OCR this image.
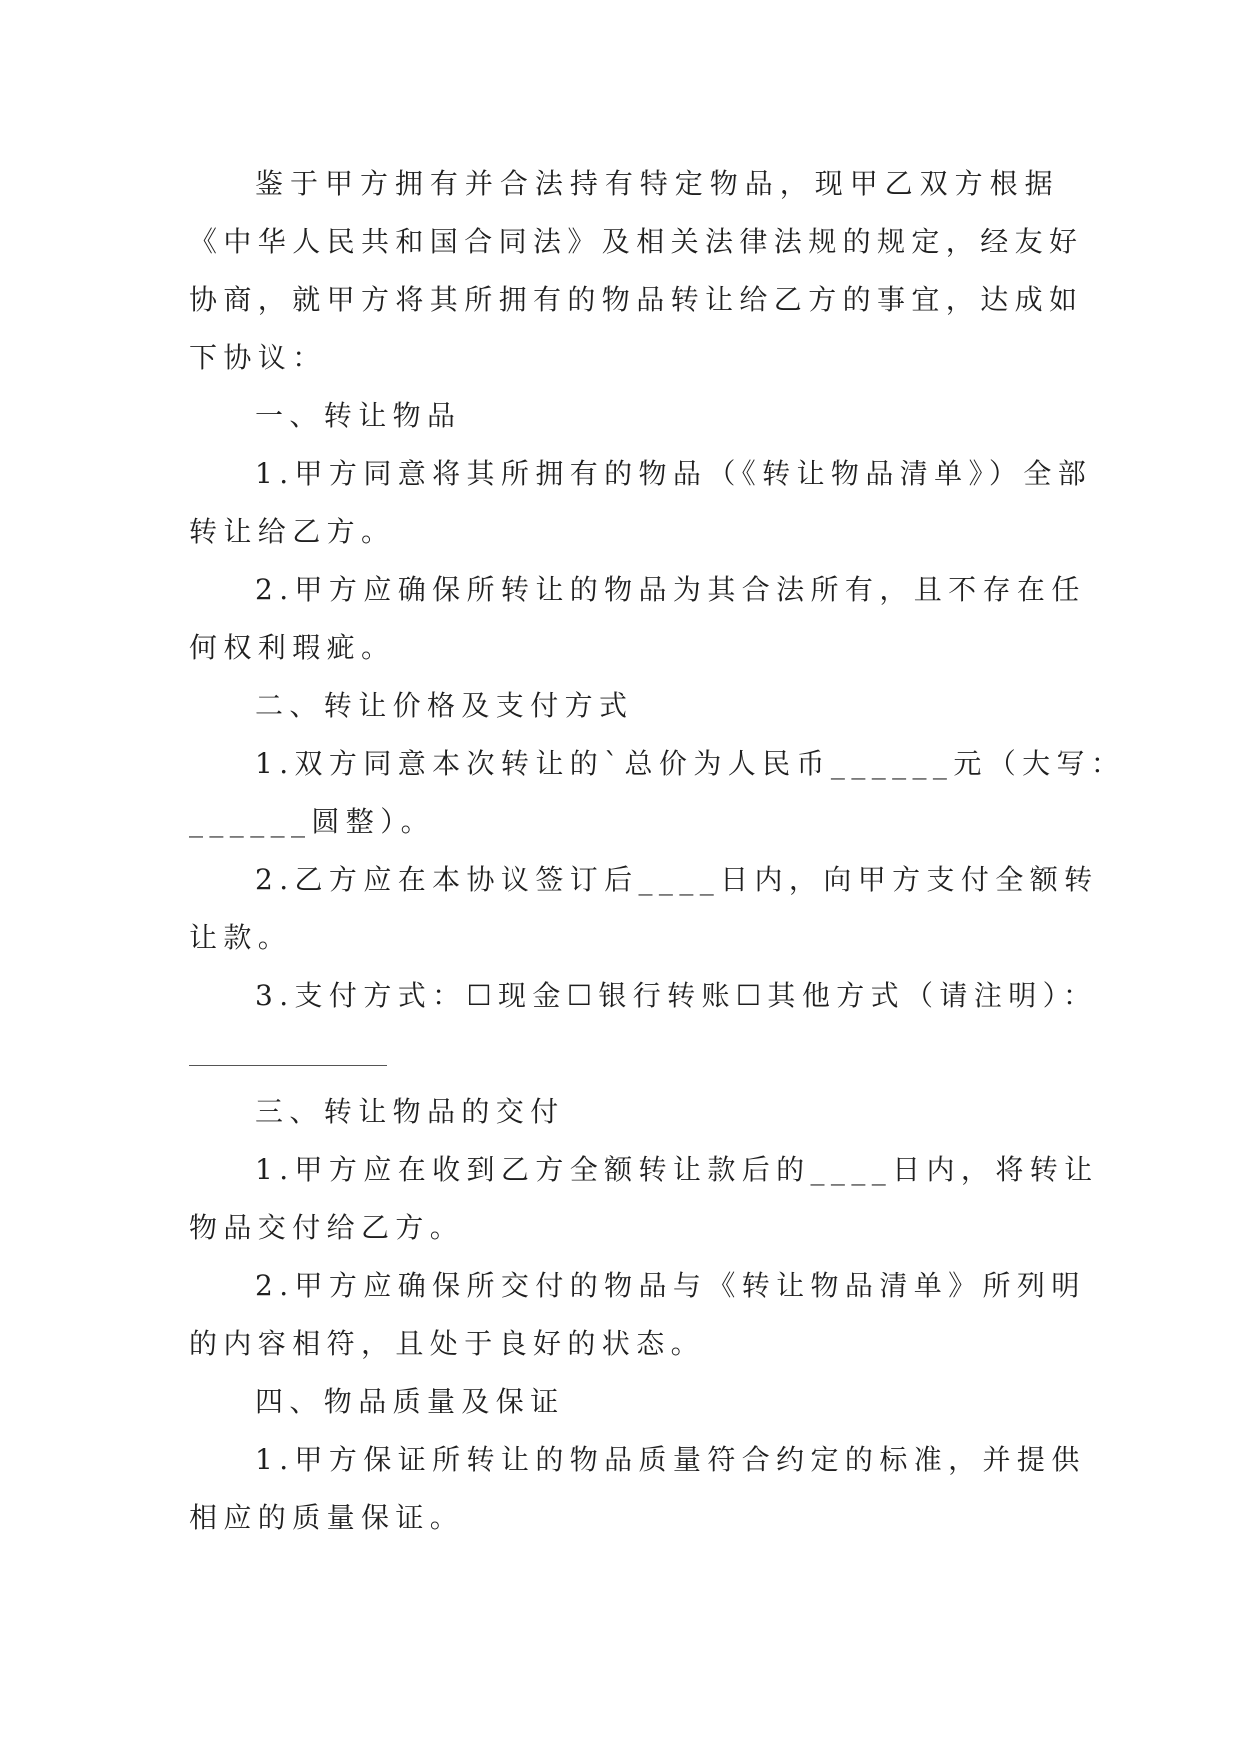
鉴于甲方拥有并合法持有特定物品，现甲乙双方根据
《中华人民共和国合同法》及相关法律法规的规定，经友好
协商，就甲方将其所拥有的物品转让给乙方的事宜，达成如
下协议：
一、转让物品
1.甲方同意将其所拥有的物品（《转让物品清单》）全部
转让给乙方。
2.甲方应确保所转让的物品为其合法所有，且不存在任
何权利瑕疵。
二、转让价格及支付方式
1.双方同意本次转让的`总价为人民币______元（大写：
______圆整）。
2.乙方应在本协议签订后____日内，向甲方支付全额转
让款。
3.支付方式：☐现金☐银行转账☐其他方式（请注明）：
三、转让物品的交付
1.甲方应在收到乙方全额转让款后的____日内，将转让
物品交付给乙方。
2.甲方应确保所交付的物品与《转让物品清单》所列明
的内容相符，且处于良好的状态。
四、物品质量及保证
1.甲方保证所转让的物品质量符合约定的标准，并提供
相应的质量保证。
